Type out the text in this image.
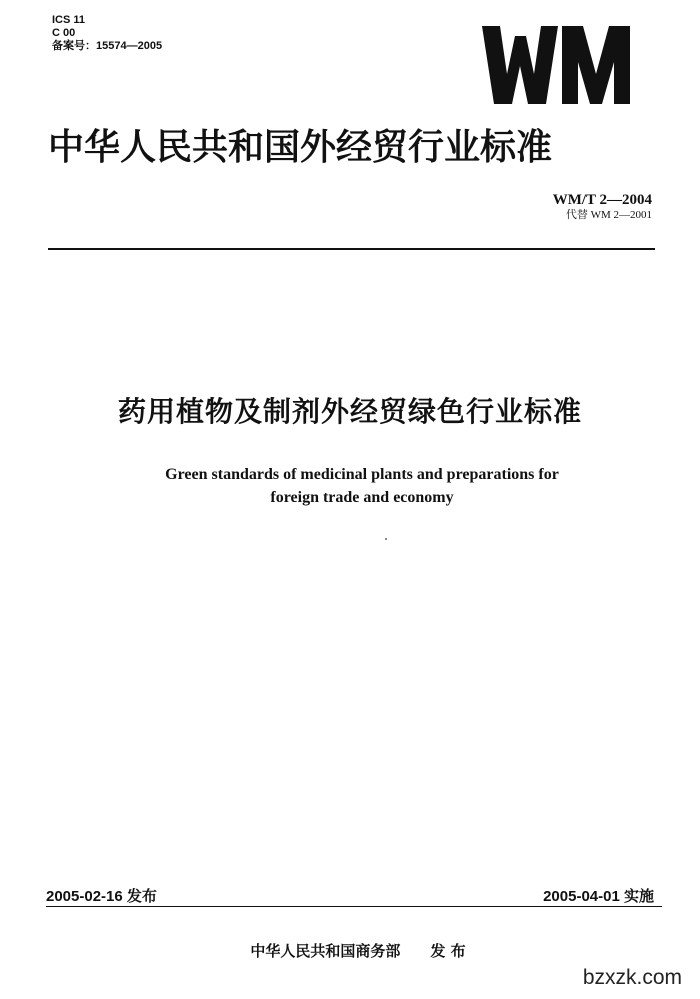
ICS 11
C 00
备案号：15574—2005
中华人民共和国外经贸行业标准
WM/T 2—2004
代替 WM 2—2001
药用植物及制剂外经贸绿色行业标准
Green standards of medicinal plants and preparations for
foreign trade and economy
2005-02-16 发布	2005-04-01 实施
中华人民共和国商务部 发 布
bzxzk.com
